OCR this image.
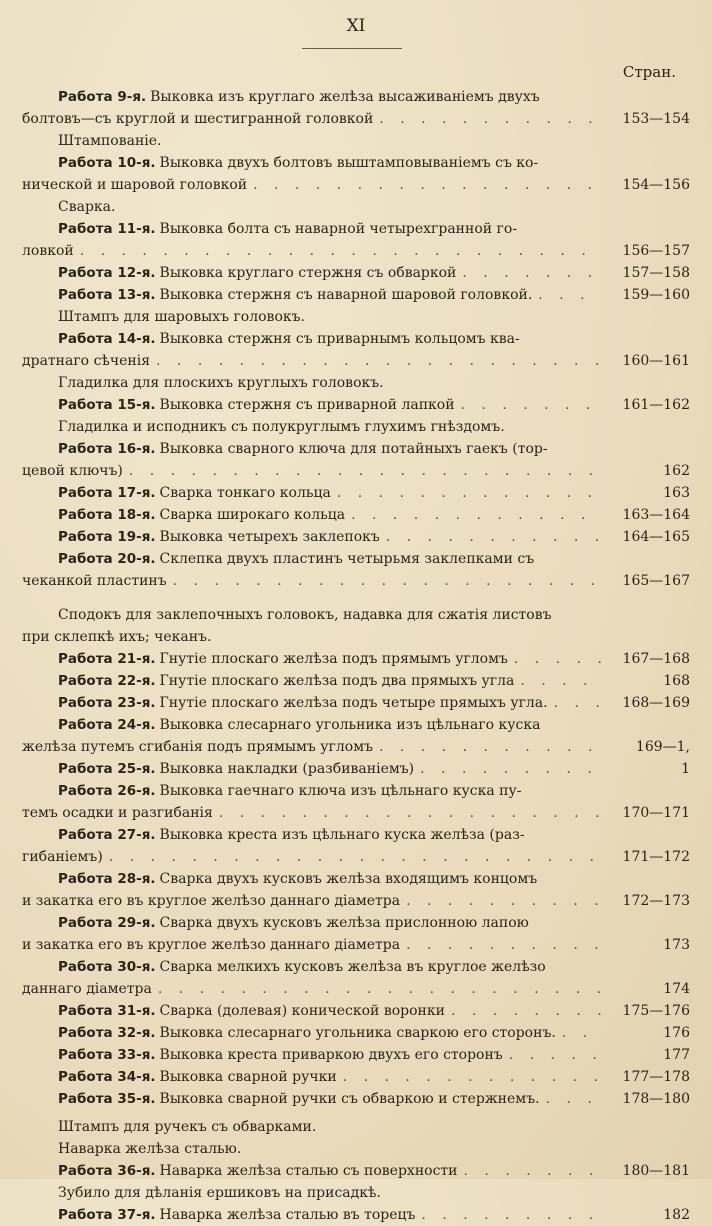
XI
Стран.
Работа 9-я. Выковка изъ круглаго желѣза высаживаніемъ двухъ
болтовъ—съ круглой и шестигранной головкой . . .	153—154
Штампованіе.
Работа 10-я. Выковка двухъ болтовъ выштамповываніемъ съ ко-
нической и шаровой головкой . . .	154—156
Сварка.
Работа 11-я. Выковка болта съ наварной четырехгранной го-
ловкой . . .	156—157
Работа 12-я. Выковка круглаго стержня съ обваркой . . .	157—158
Работа 13-я. Выковка стержня съ наварной шаровой головкой. . . .	159—160
Штампъ для шаровыхъ головокъ.
Работа 14-я. Выковка стержня съ приварнымъ кольцомъ ква-
дратнаго сѣченія . . .	160—161
Гладилка для плоскихъ круглыхъ головокъ.
Работа 15-я. Выковка стержня съ приварной лапкой . . .	161—162
Гладилка и исподникъ съ полукруглымъ глухимъ гнѣздомъ.
Работа 16-я. Выковка сварного ключа для потайныхъ гаекъ (тор-
цевой ключъ) . . .	162
Работа 17-я. Сварка тонкаго кольца . . .	163
Работа 18-я. Сварка широкаго кольца . . .	163—164
Работа 19-я. Выковка четырехъ заклепокъ . . .	164—165
Работа 20-я. Склепка двухъ пластинъ четырьмя заклепками съ
чеканкой пластинъ . . .	165—167
Сподокъ для заклепочныхъ головокъ, надавка для сжатія листовъ
при склепкѣ ихъ; чеканъ.
Работа 21-я. Гнутіе плоскаго желѣза подъ прямымъ угломъ . . .	167—168
Работа 22-я. Гнутіе плоскаго желѣза подъ два прямыхъ угла . . .	168
Работа 23-я. Гнутіе плоскаго желѣза подъ четыре прямыхъ угла. . . .	168—169
Работа 24-я. Выковка слесарнаго угольника изъ цѣльнаго куска
желѣза путемъ сгибанія подъ прямымъ угломъ . . .	169—1,
Работа 25-я. Выковка накладки (разбиваніемъ) . . .	1
Работа 26-я. Выковка гаечнаго ключа изъ цѣльнаго куска пу-
темъ осадки и разгибанія . . .	170—171
Работа 27-я. Выковка креста изъ цѣльнаго куска желѣза (раз-
гибаніемъ) . . .	171—172
Работа 28-я. Сварка двухъ кусковъ желѣза входящимъ концомъ
и закатка его въ круглое желѣзо даннаго діаметра . . .	172—173
Работа 29-я. Сварка двухъ кусковъ желѣза прислонною лапою
и закатка его въ круглое желѣзо даннаго діаметра . . .	173
Работа 30-я. Сварка мелкихъ кусковъ желѣза въ круглое желѣзо
даннаго діаметра . . .	174
Работа 31-я. Сварка (долевая) конической воронки . . .	175—176
Работа 32-я. Выковка слесарнаго угольника сваркою его сторонъ. . . .	176
Работа 33-я. Выковка креста приваркою двухъ его сторонъ . . .	177
Работа 34-я. Выковка сварной ручки . . .	177—178
Работа 35-я. Выковка сварной ручки съ обваркою и стержнемъ. . . .	178—180
Штампъ для ручекъ съ обварками.
Наварка желѣза сталью.
Работа 36-я. Наварка желѣза сталью съ поверхности . . .	180—181
Зубило для дѣланія ершиковъ на присадкѣ.
Работа 37-я. Наварка желѣза сталью въ торецъ . . .	182
